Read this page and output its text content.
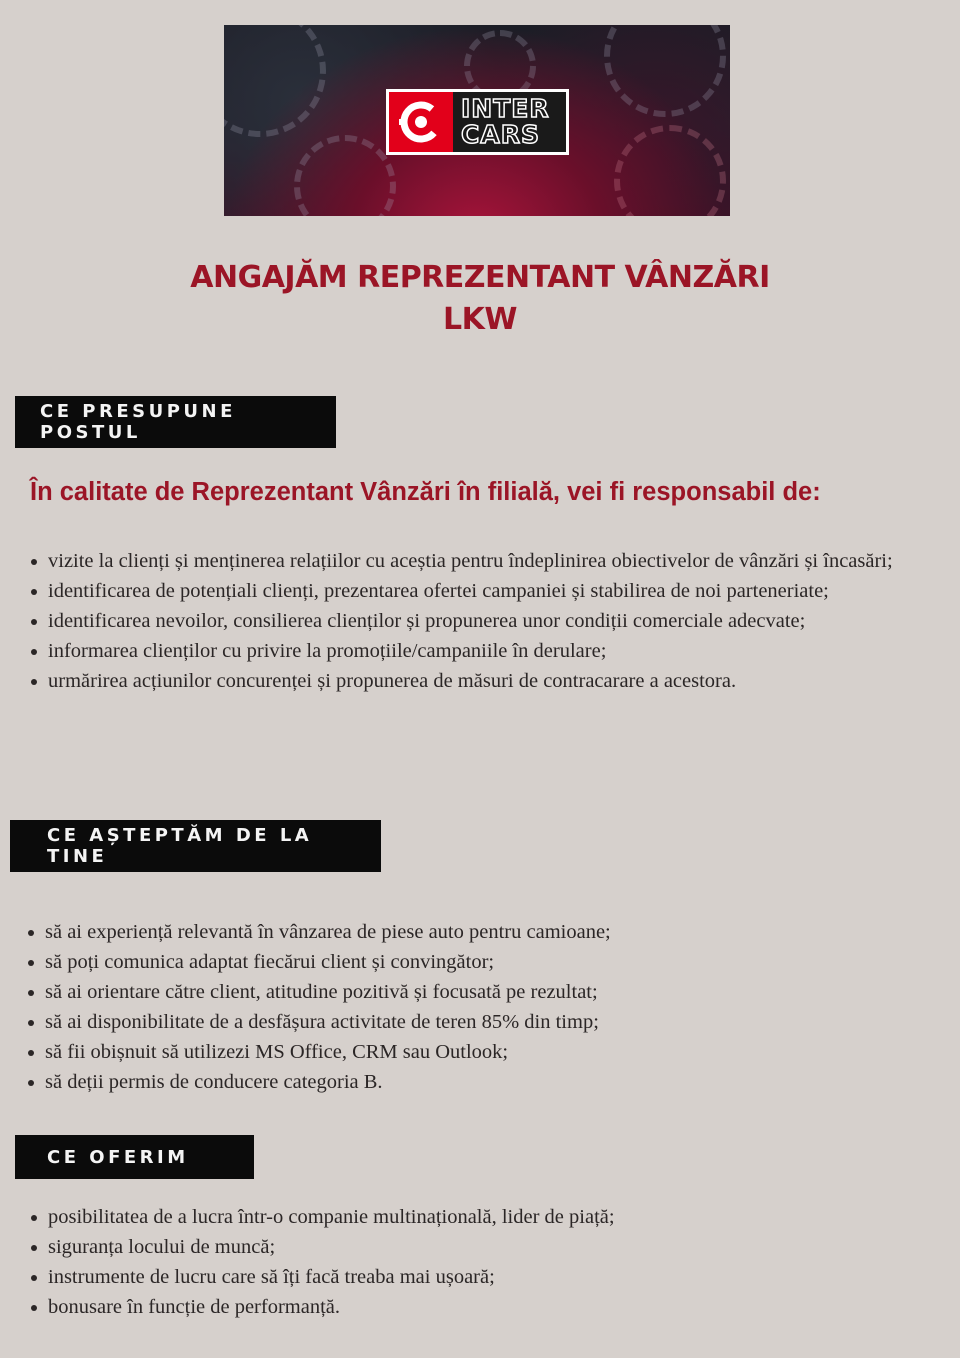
INTER
CARS
ANGAJĂM REPREZENTANT VÂNZĂRI
LKW
CE PRESUPUNE POSTUL

În calitate de Reprezentant Vânzări în filială, vei fi responsabil de:

vizite la clienți și menținerea relațiilor cu aceștia pentru îndeplinirea obiectivelor de vânzări și încasări;
identificarea de potențiali clienți, prezentarea ofertei campaniei și stabilirea de noi parteneriate;
identificarea nevoilor, consilierea clienților și propunerea unor condiții comerciale adecvate;
informarea clienților cu privire la promoțiile/campaniile în derulare;
urmărirea acțiunilor concurenței și propunerea de măsuri de contracarare a acestora.
CE AȘTEPTĂM DE LA TINE
să ai experiență relevantă în vânzarea de piese auto pentru camioane;
să poți comunica adaptat fiecărui client și convingător;
să ai orientare către client, atitudine pozitivă și focusată pe rezultat;
să ai disponibilitate de a desfășura activitate de teren 85% din timp;
să fii obișnuit să utilizezi MS Office, CRM sau Outlook;
să deții permis de conducere categoria B.
CE OFERIM
posibilitatea de a lucra într-o companie multinațională, lider de piață;
siguranța locului de muncă;
instrumente de lucru care să îți facă treaba mai ușoară;
bonusare în funcție de performanță.
